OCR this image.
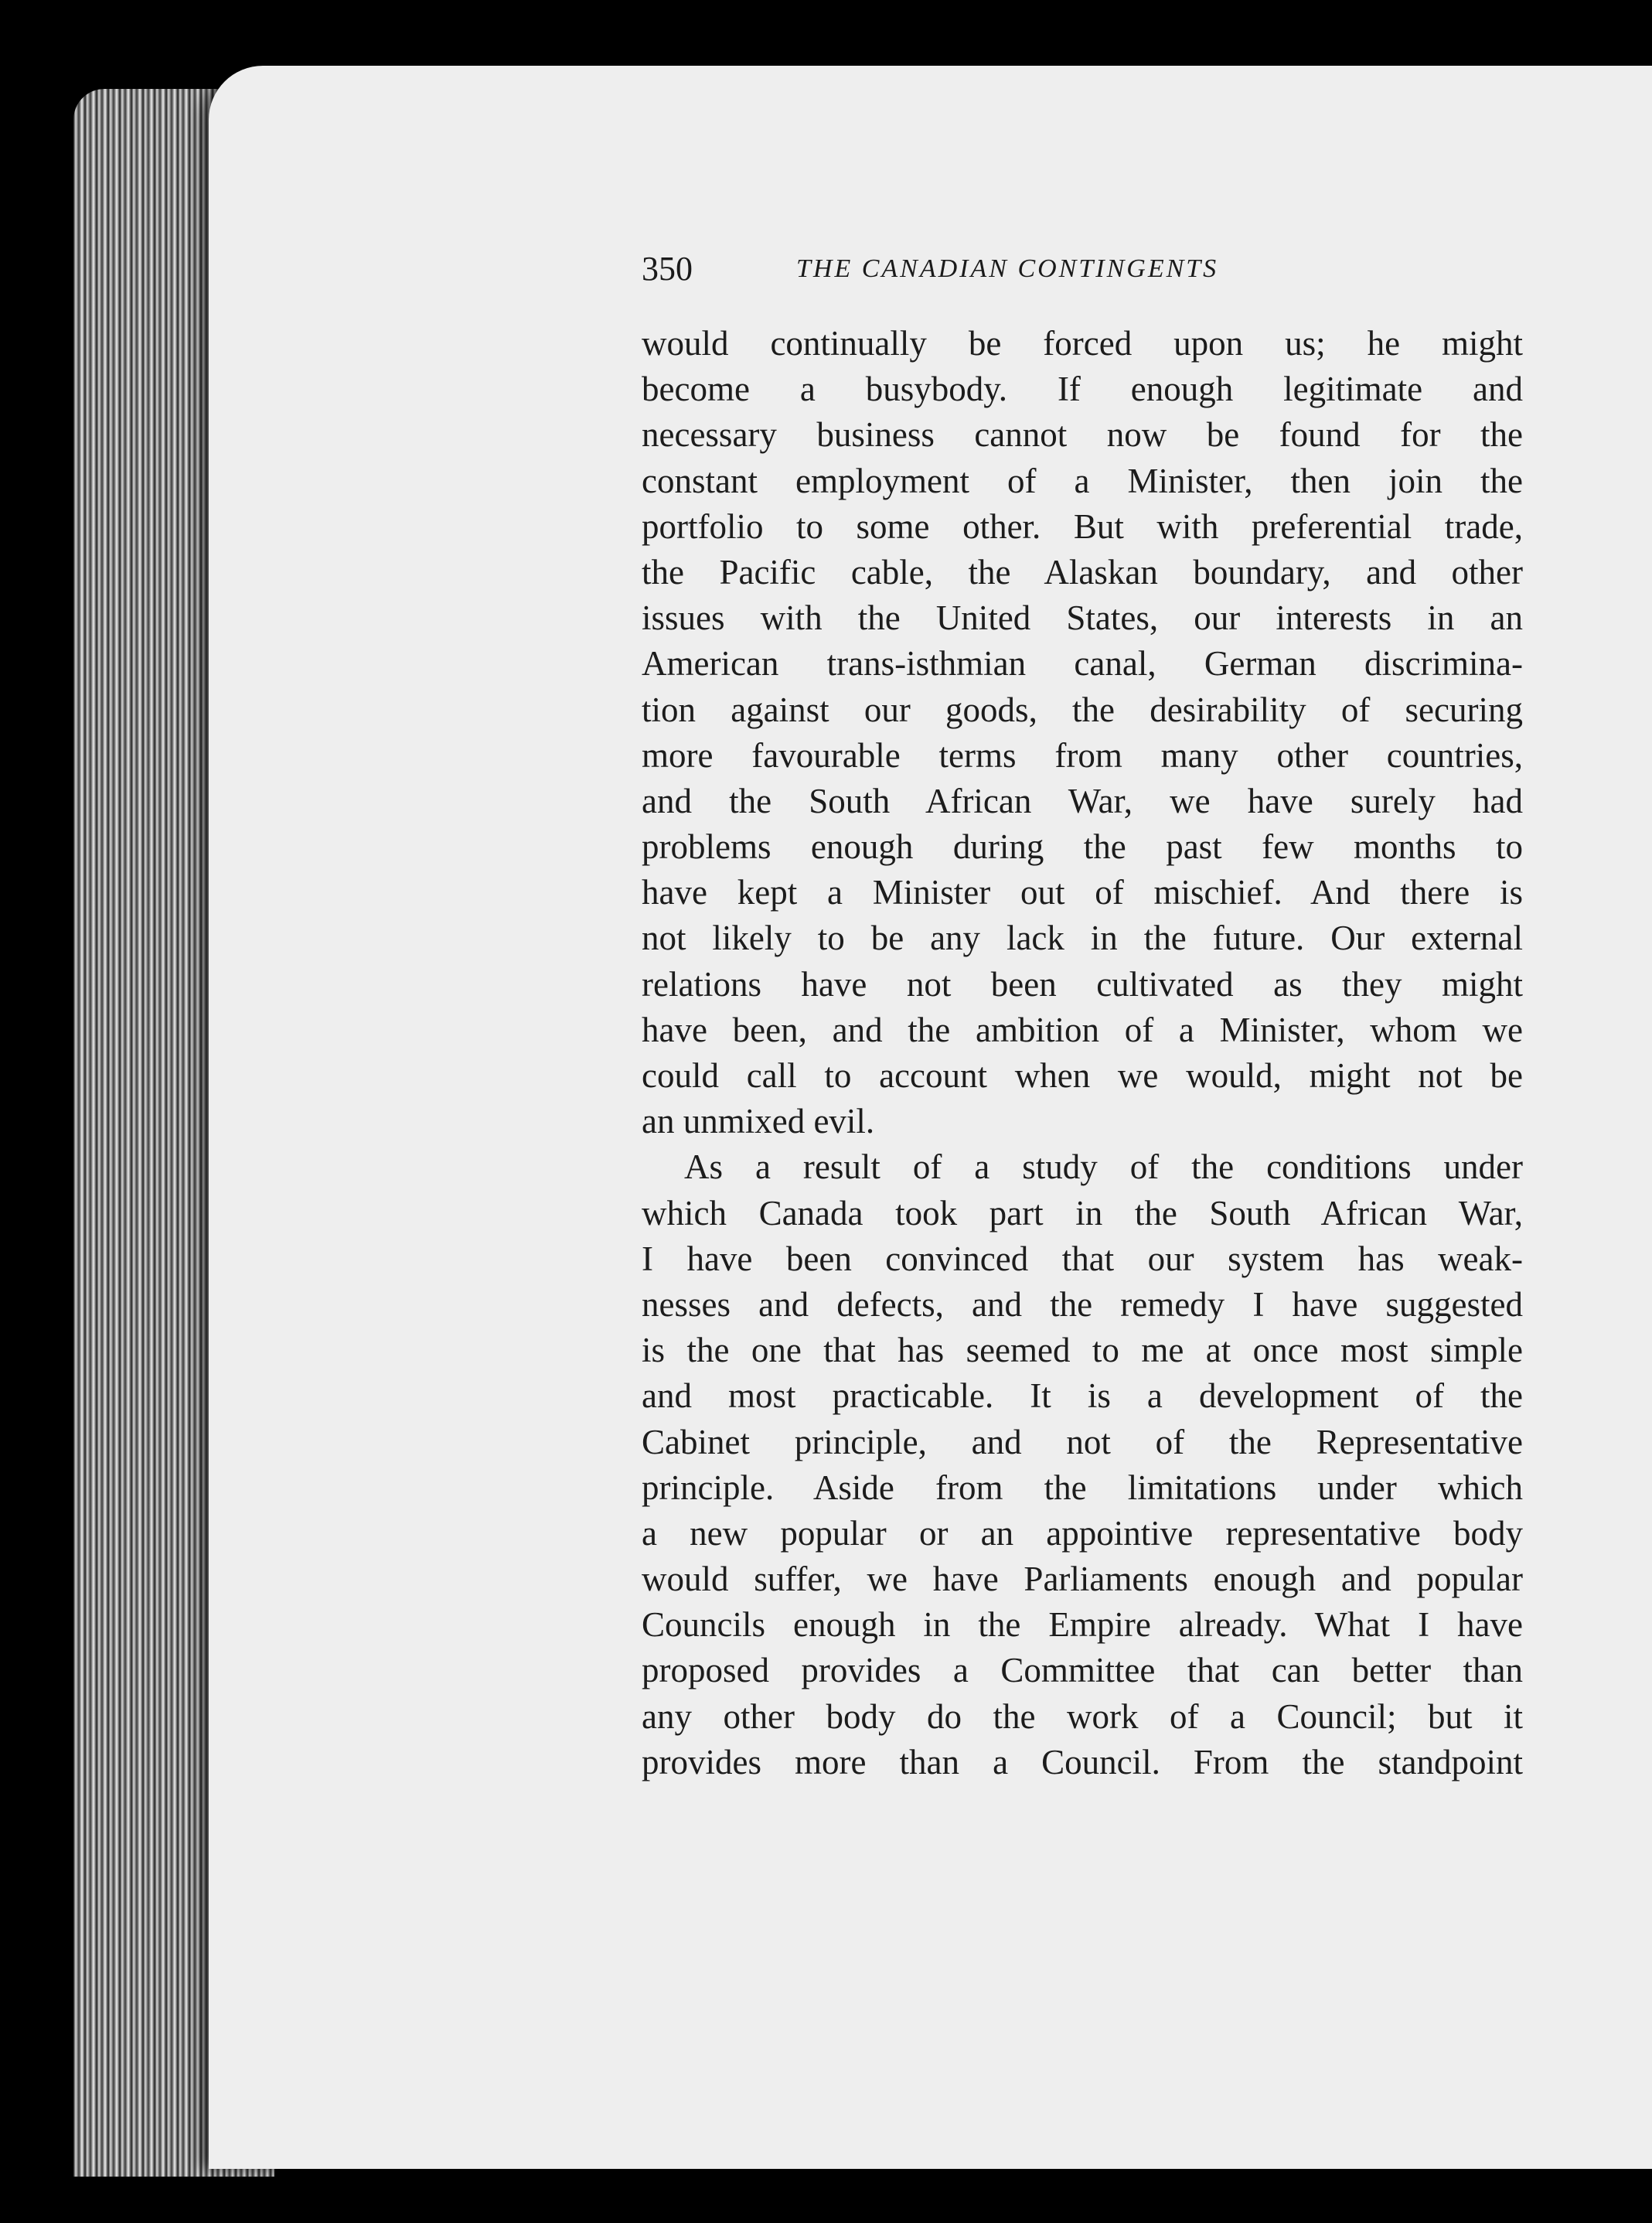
350	THE CANADIAN CONTINGENTS
would continually be forced upon us; he might
become a busybody. If enough legitimate and
necessary business cannot now be found for the
constant employment of a Minister, then join the
portfolio to some other. But with preferential trade,
the Pacific cable, the Alaskan boundary, and other
issues with the United States, our interests in an
American trans-isthmian canal, German discrimina-
tion against our goods, the desirability of securing
more favourable terms from many other countries,
and the South African War, we have surely had
problems enough during the past few months to
have kept a Minister out of mischief. And there is
not likely to be any lack in the future. Our external
relations have not been cultivated as they might
have been, and the ambition of a Minister, whom we
could call to account when we would, might not be
an unmixed evil.
As a result of a study of the conditions under
which Canada took part in the South African War,
I have been convinced that our system has weak-
nesses and defects, and the remedy I have suggested
is the one that has seemed to me at once most simple
and most practicable. It is a development of the
Cabinet principle, and not of the Representative
principle. Aside from the limitations under which
a new popular or an appointive representative body
would suffer, we have Parliaments enough and popular
Councils enough in the Empire already. What I have
proposed provides a Committee that can better than
any other body do the work of a Council; but it
provides more than a Council. From the standpoint
